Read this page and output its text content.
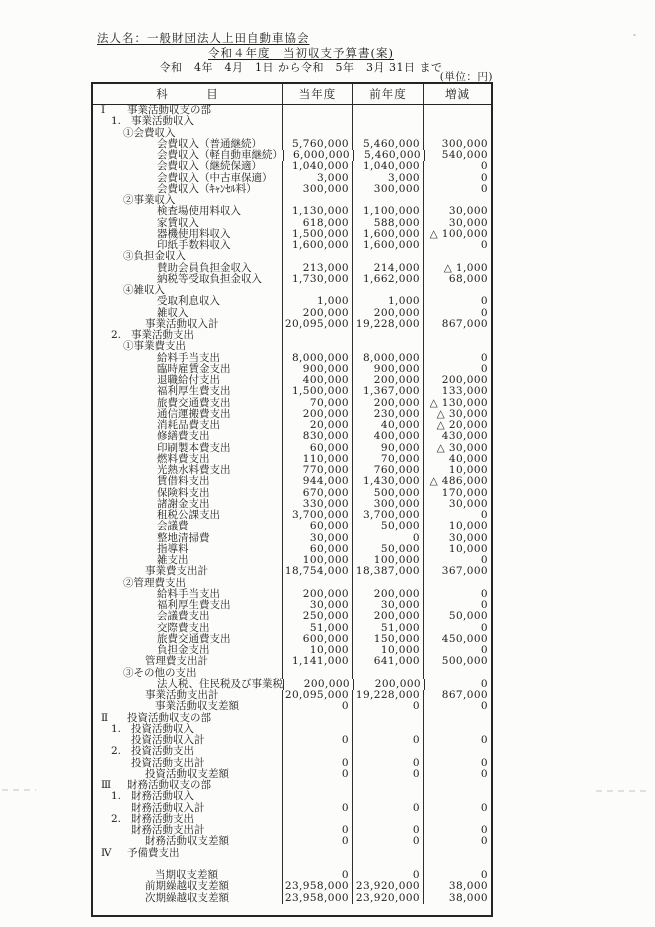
法人名：一般財団法人上田自動車協会
令和４年度　当初収支予算書(案)
令和　4年　4月　1日 から令和　5年　3月 31日 まで
(単位：円)
科　　　目	当年度	前年度	増減
Ⅰ	事業活動収支の部
1. 事業活動収入
①会費収入
会費収入（普通継続）	5,760,000	5,460,000	300,000
会費収入（軽自動車継続） 6,000,000	5,460,000	540,000
会費収入（継続保適）	1,040,000	1,040,000	0
会費収入（中古車保適）	3,000	3,000	0
会費収入（ｷｬﾝｾﾙ料）	300,000	300,000	0
②事業収入
検査場使用料収入	1,130,000	1,100,000	30,000
家賃収入	618,000	588,000	30,000
器機使用料収入	1,500,000	1,600,000 △ 100,000
印紙手数料収入	1,600,000	1,600,000	0
③負担金収入
賛助会員負担金収入	213,000	214,000	△ 1,000
納税等受取負担金収入	1,730,000	1,662,000	68,000
④雑収入
受取利息収入	1,000	1,000	0
雑収入	200,000	200,000	0
事業活動収入計	20,095,000 19,228,000	867,000
2. 事業活動支出
①事業費支出
給料手当支出	8,000,000	8,000,000	0
臨時雇賃金支出	900,000	900,000	0
退職給付支出	400,000	200,000	200,000
福利厚生費支出	1,500,000	1,367,000	133,000
旅費交通費支出	70,000	200,000 △ 130,000
通信運搬費支出	200,000	230,000	△ 30,000
消耗品費支出	20,000	40,000	△ 20,000
修繕費支出	830,000	400,000	430,000
印刷製本費支出	60,000	90,000	△ 30,000
燃料費支出	110,000	70,000	40,000
光熱水料費支出	770,000	760,000	10,000
賃借料支出	944,000	1,430,000 △ 486,000
保険料支出	670,000	500,000	170,000
諸謝金支出	330,000	300,000	30,000
租税公課支出	3,700,000	3,700,000	0
会議費	60,000	50,000	10,000
整地清掃費	30,000	0	30,000
指導料	60,000	50,000	10,000
雑支出	100,000	100,000	0
事業費支出計	18,754,000 18,387,000	367,000
②管理費支出
給料手当支出	200,000	200,000	0
福利厚生費支出	30,000	30,000	0
会議費支出	250,000	200,000	50,000
交際費支出	51,000	51,000	0
旅費交通費支出	600,000	150,000	450,000
負担金支出	10,000	10,000	0
管理費支出計	1,141,000	641,000	500,000
③その他の支出
法人税、住民税及び事業税	200,000	200,000	0
事業活動支出計	20,095,000 19,228,000	867,000
事業活動収支差額	0	0	0
Ⅱ	投資活動収支の部
1. 投資活動収入
投資活動収入計	0	0	0
2. 投資活動支出
投資活動支出計	0	0	0
投資活動収支差額	0	0	0
Ⅲ	財務活動収支の部
1. 財務活動収入
財務活動収入計	0	0	0
2. 財務活動支出
財務活動支出計	0	0	0
財務活動収支差額	0	0	0
Ⅳ	予備費支出
当期収支差額	0	0	0
前期繰越収支差額	23,958,000 23,920,000	38,000
次期繰越収支差額	23,958,000 23,920,000	38,000
